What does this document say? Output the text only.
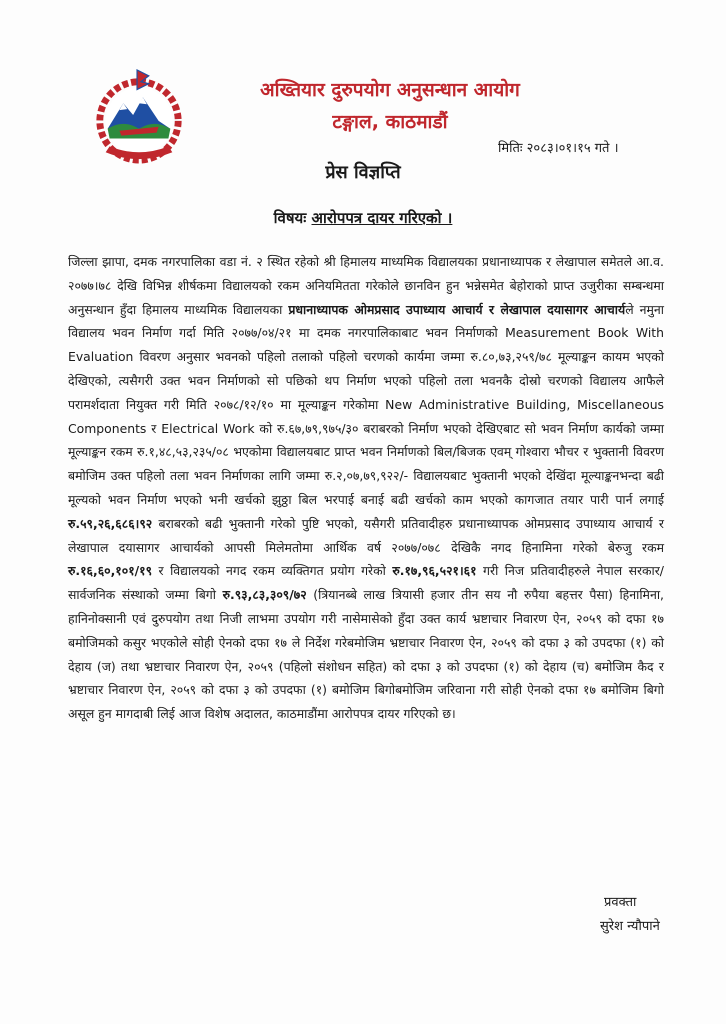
अख्तियार दुरुपयोग अनुसन्धान आयोग
टङ्गाल, काठमाडौं
मितिः २०८३।०१।१५ गते ।
प्रेस विज्ञप्ति
विषयः आरोपपत्र दायर गरिएको ।

जिल्ला झापा, दमक नगरपालिका वडा नं. २ स्थित रहेको श्री हिमालय माध्यमिक विद्यालयका प्रधानाध्यापक र लेखापाल समेतले आ.व. २०७७।७८ देखि विभिन्न शीर्षकमा विद्यालयको रकम अनियमितता गरेकोले छानविन हुन भन्नेसमेत बेहोराको प्राप्त उजुरीका सम्बन्धमा अनुसन्धान हुँदा हिमालय माध्यमिक विद्यालयका प्रधानाध्यापक ओमप्रसाद उपाध्याय आचार्य र लेखापाल दयासागर आचार्यले नमुना विद्यालय भवन निर्माण गर्दा मिति २०७७/०४/२१ मा दमक नगरपालिकाबाट भवन निर्माणको Measurement Book With Evaluation विवरण अनुसार भवनको पहिलो तलाको पहिलो चरणको कार्यमा जम्मा रु.८०,७३,२५९/७८ मूल्याङ्कन कायम भएको देखिएको, त्यसैगरी उक्त भवन निर्माणको सो पछिको थप निर्माण भएको पहिलो तला भवनकै दोस्रो चरणको विद्यालय आफैले परामर्शदाता नियुक्त गरी मिति २०७८/१२/१० मा मूल्याङ्कन गरेकोमा New Administrative Building, Miscellaneous Components र Electrical Work को रु.६७,७९,९७५/३० बराबरको निर्माण भएको देखिएबाट सो भवन निर्माण कार्यको जम्मा मूल्याङ्कन रकम रु.१,४८,५३,२३५/०८ भएकोमा विद्यालयबाट प्राप्त भवन निर्माणको बिल/बिजक एवम् गोश्वारा भौचर र भुक्तानी विवरण बमोजिम उक्त पहिलो तला भवन निर्माणका लागि जम्मा रु.२,०७,७९,९२२/- विद्यालयबाट भुक्तानी भएको देखिंदा मूल्याङ्कनभन्दा बढी मूल्यको भवन निर्माण भएको भनी खर्चको झुठ्ठा बिल भरपाई बनाई बढी खर्चको काम भएको कागजात तयार पारी पार्न लगाई रु.५९,२६,६८६।९२ बराबरको बढी भुक्तानी गरेको पुष्टि भएको, यसैगरी प्रतिवादीहरु प्रधानाध्यापक ओमप्रसाद उपाध्याय आचार्य र लेखापाल दयासागर आचार्यको आपसी मिलेमतोमा आर्थिक वर्ष २०७७/०७८ देखिकै नगद हिनामिना गरेको बेरुजु रकम रु.१६,६०,१०१/१९ र विद्यालयको नगद रकम व्यक्तिगत प्रयोग गरेको रु.१७,९६,५२१।६१ गरी निज प्रतिवादीहरुले नेपाल सरकार/सार्वजनिक संस्थाको जम्मा बिगो रु.९३,८३,३०९/७२ (त्रियानब्बे लाख त्रियासी हजार तीन सय नौ रुपैया बहत्तर पैसा) हिनामिना, हानिनोक्सानी एवं दुरुपयोग तथा निजी लाभमा उपयोग गरी नासेमासेको हुँदा उक्त कार्य भ्रष्टाचार निवारण ऐन, २०५९ को दफा १७ बमोजिमको कसुर भएकोले सोही ऐनको दफा १७ ले निर्देश गरेबमोजिम भ्रष्टाचार निवारण ऐन, २०५९ को दफा ३ को उपदफा (१) को देहाय (ज) तथा भ्रष्टाचार निवारण ऐन, २०५९ (पहिलो संशोधन सहित) को दफा ३ को उपदफा (१) को देहाय (च) बमोजिम कैद र भ्रष्टाचार निवारण ऐन, २०५९ को दफा ३ को उपदफा (१) बमोजिम बिगोबमोजिम जरिवाना गरी सोही ऐनको दफा १७ बमोजिम बिगो असूल हुन मागदाबी लिई आज विशेष अदालत, काठमाडौंमा आरोपपत्र दायर गरिएको छ।

प्रवक्ता
सुरेश न्यौपाने
